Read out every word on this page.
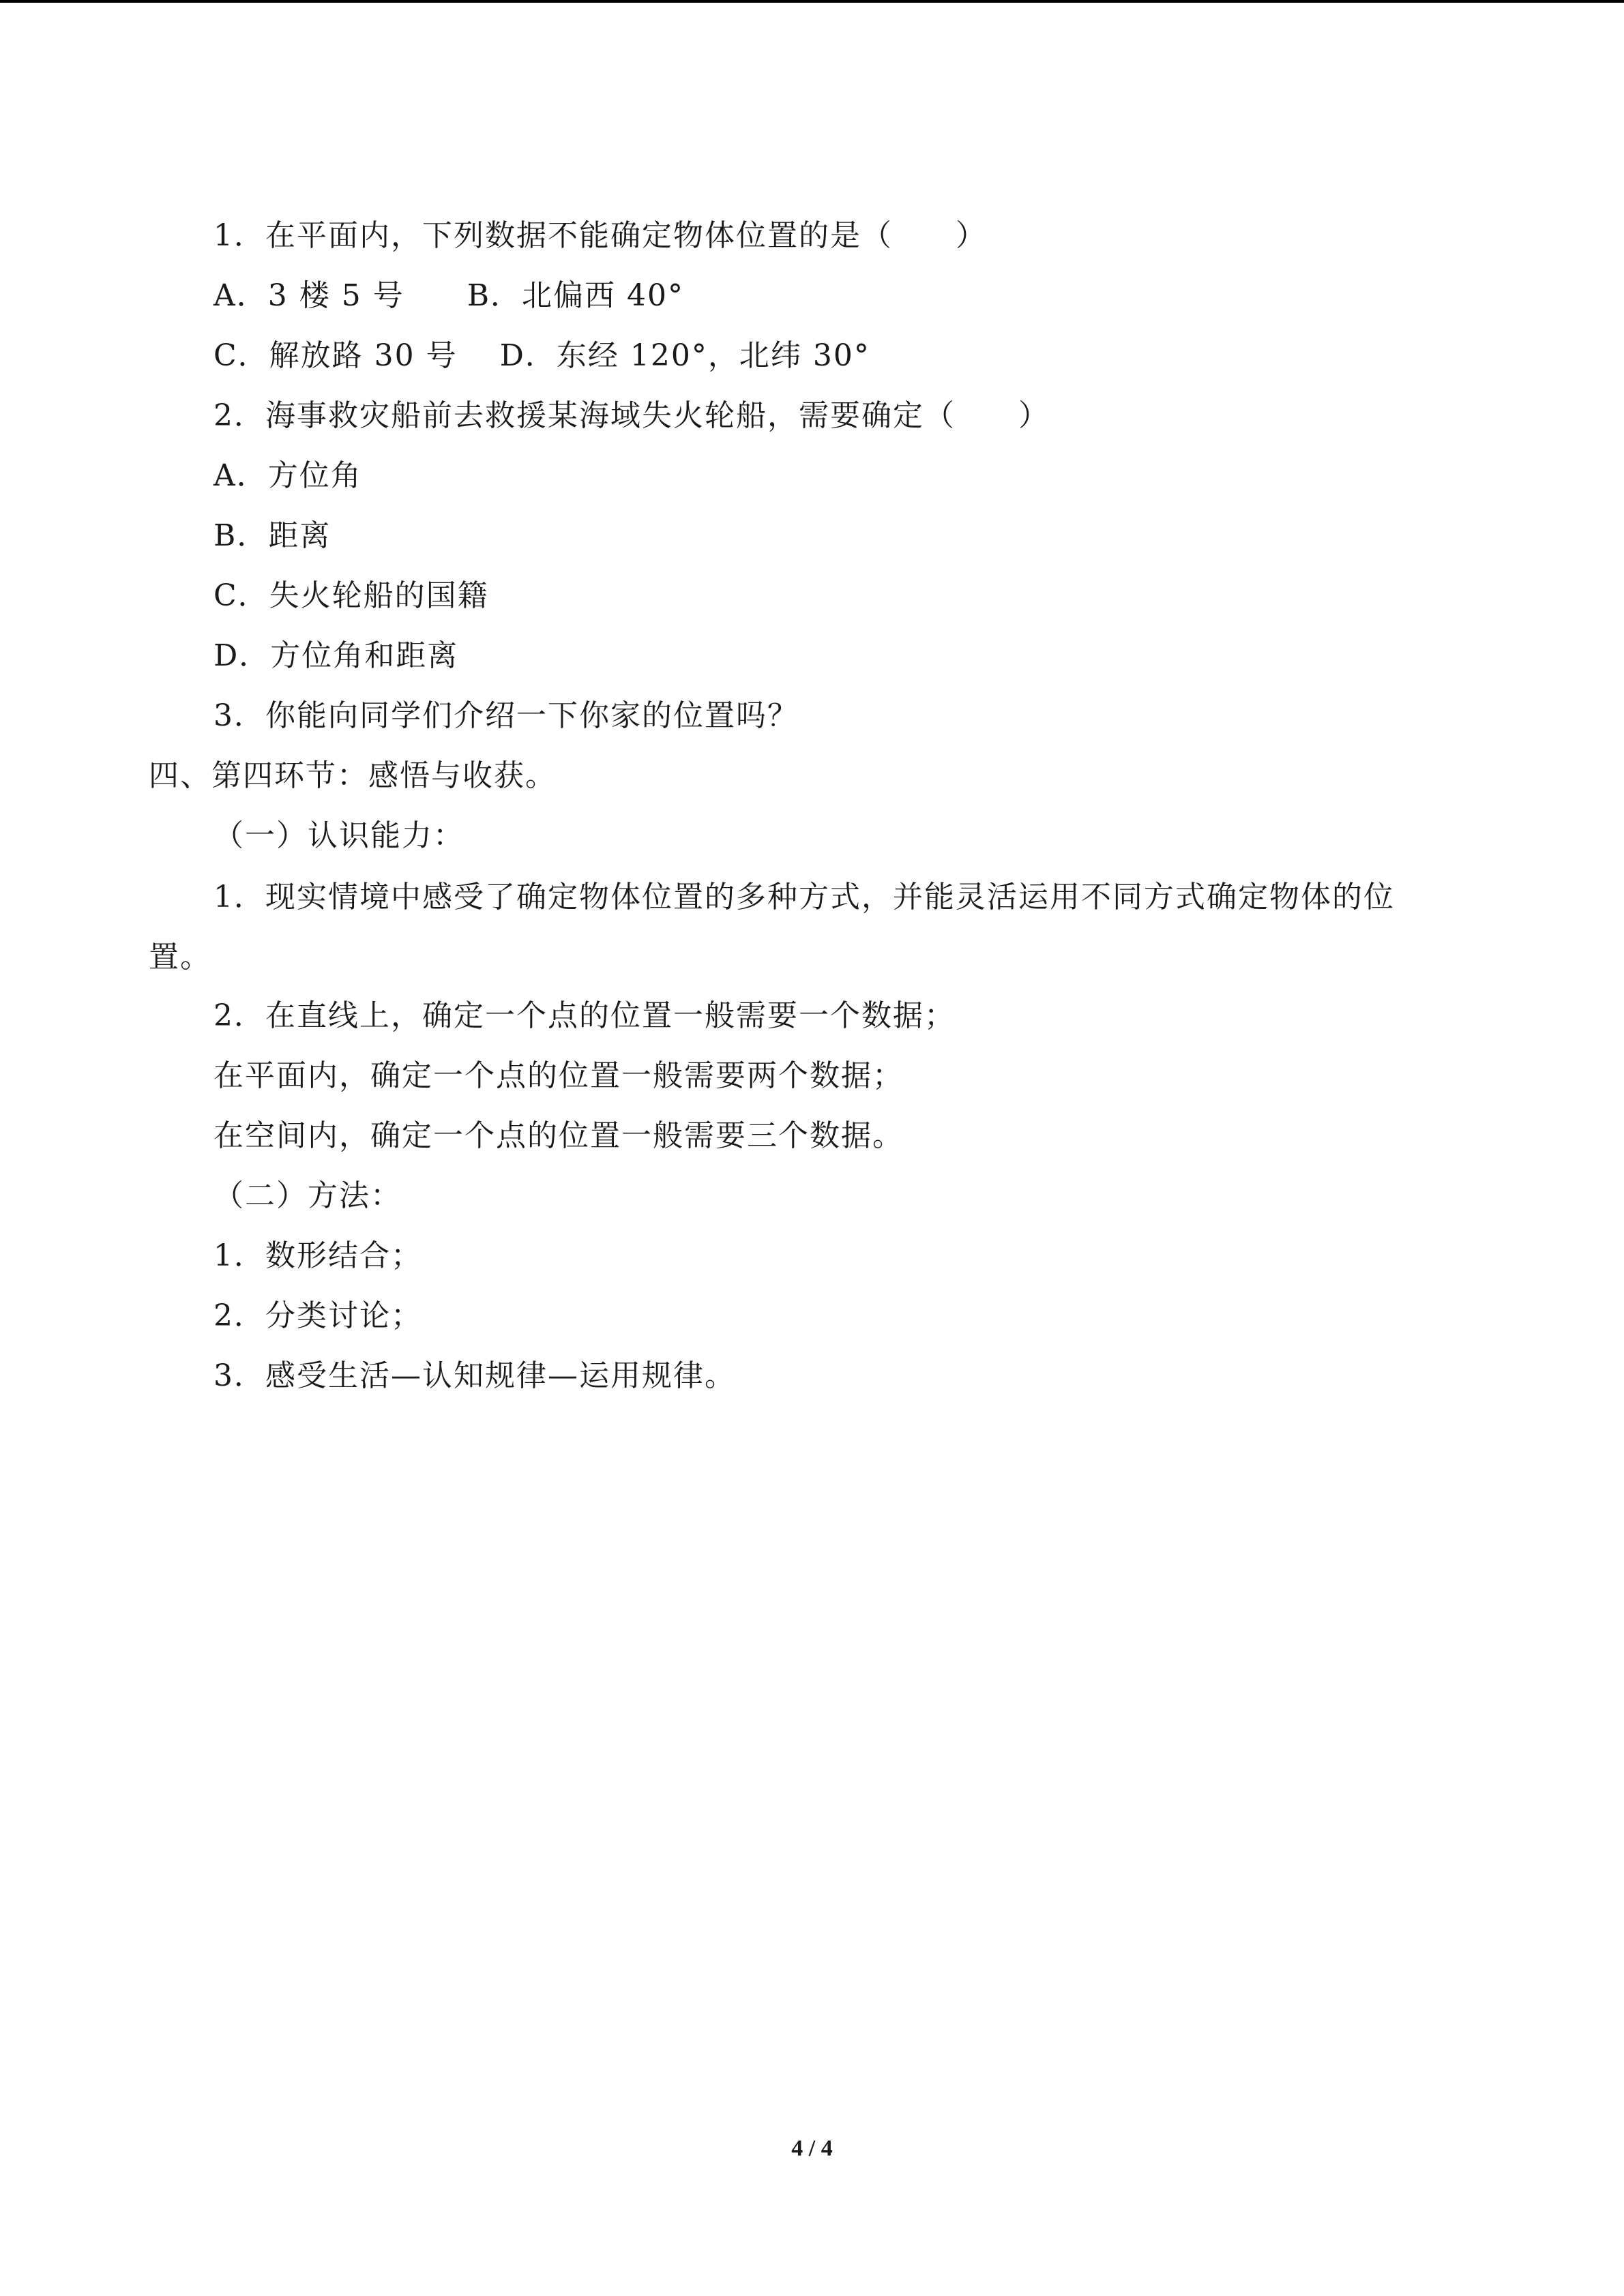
1．在平面内，下列数据不能确定物体位置的是（　　）
A．3 楼 5 号　　B．北偏西 40°
C．解放路 30 号　 D．东经 120°，北纬 30°
2．海事救灾船前去救援某海域失火轮船，需要确定（　　）
A．方位角
B．距离
C．失火轮船的国籍
D．方位角和距离
3．你能向同学们介绍一下你家的位置吗？
四、第四环节：感悟与收获。
（一）认识能力：
1．现实情境中感受了确定物体位置的多种方式，并能灵活运用不同方式确定物体的位置。
2．在直线上，确定一个点的位置一般需要一个数据；
在平面内，确定一个点的位置一般需要两个数据；
在空间内，确定一个点的位置一般需要三个数据。
（二）方法：
1．数形结合；
2．分类讨论；
3．感受生活—认知规律—运用规律。
4 / 4
